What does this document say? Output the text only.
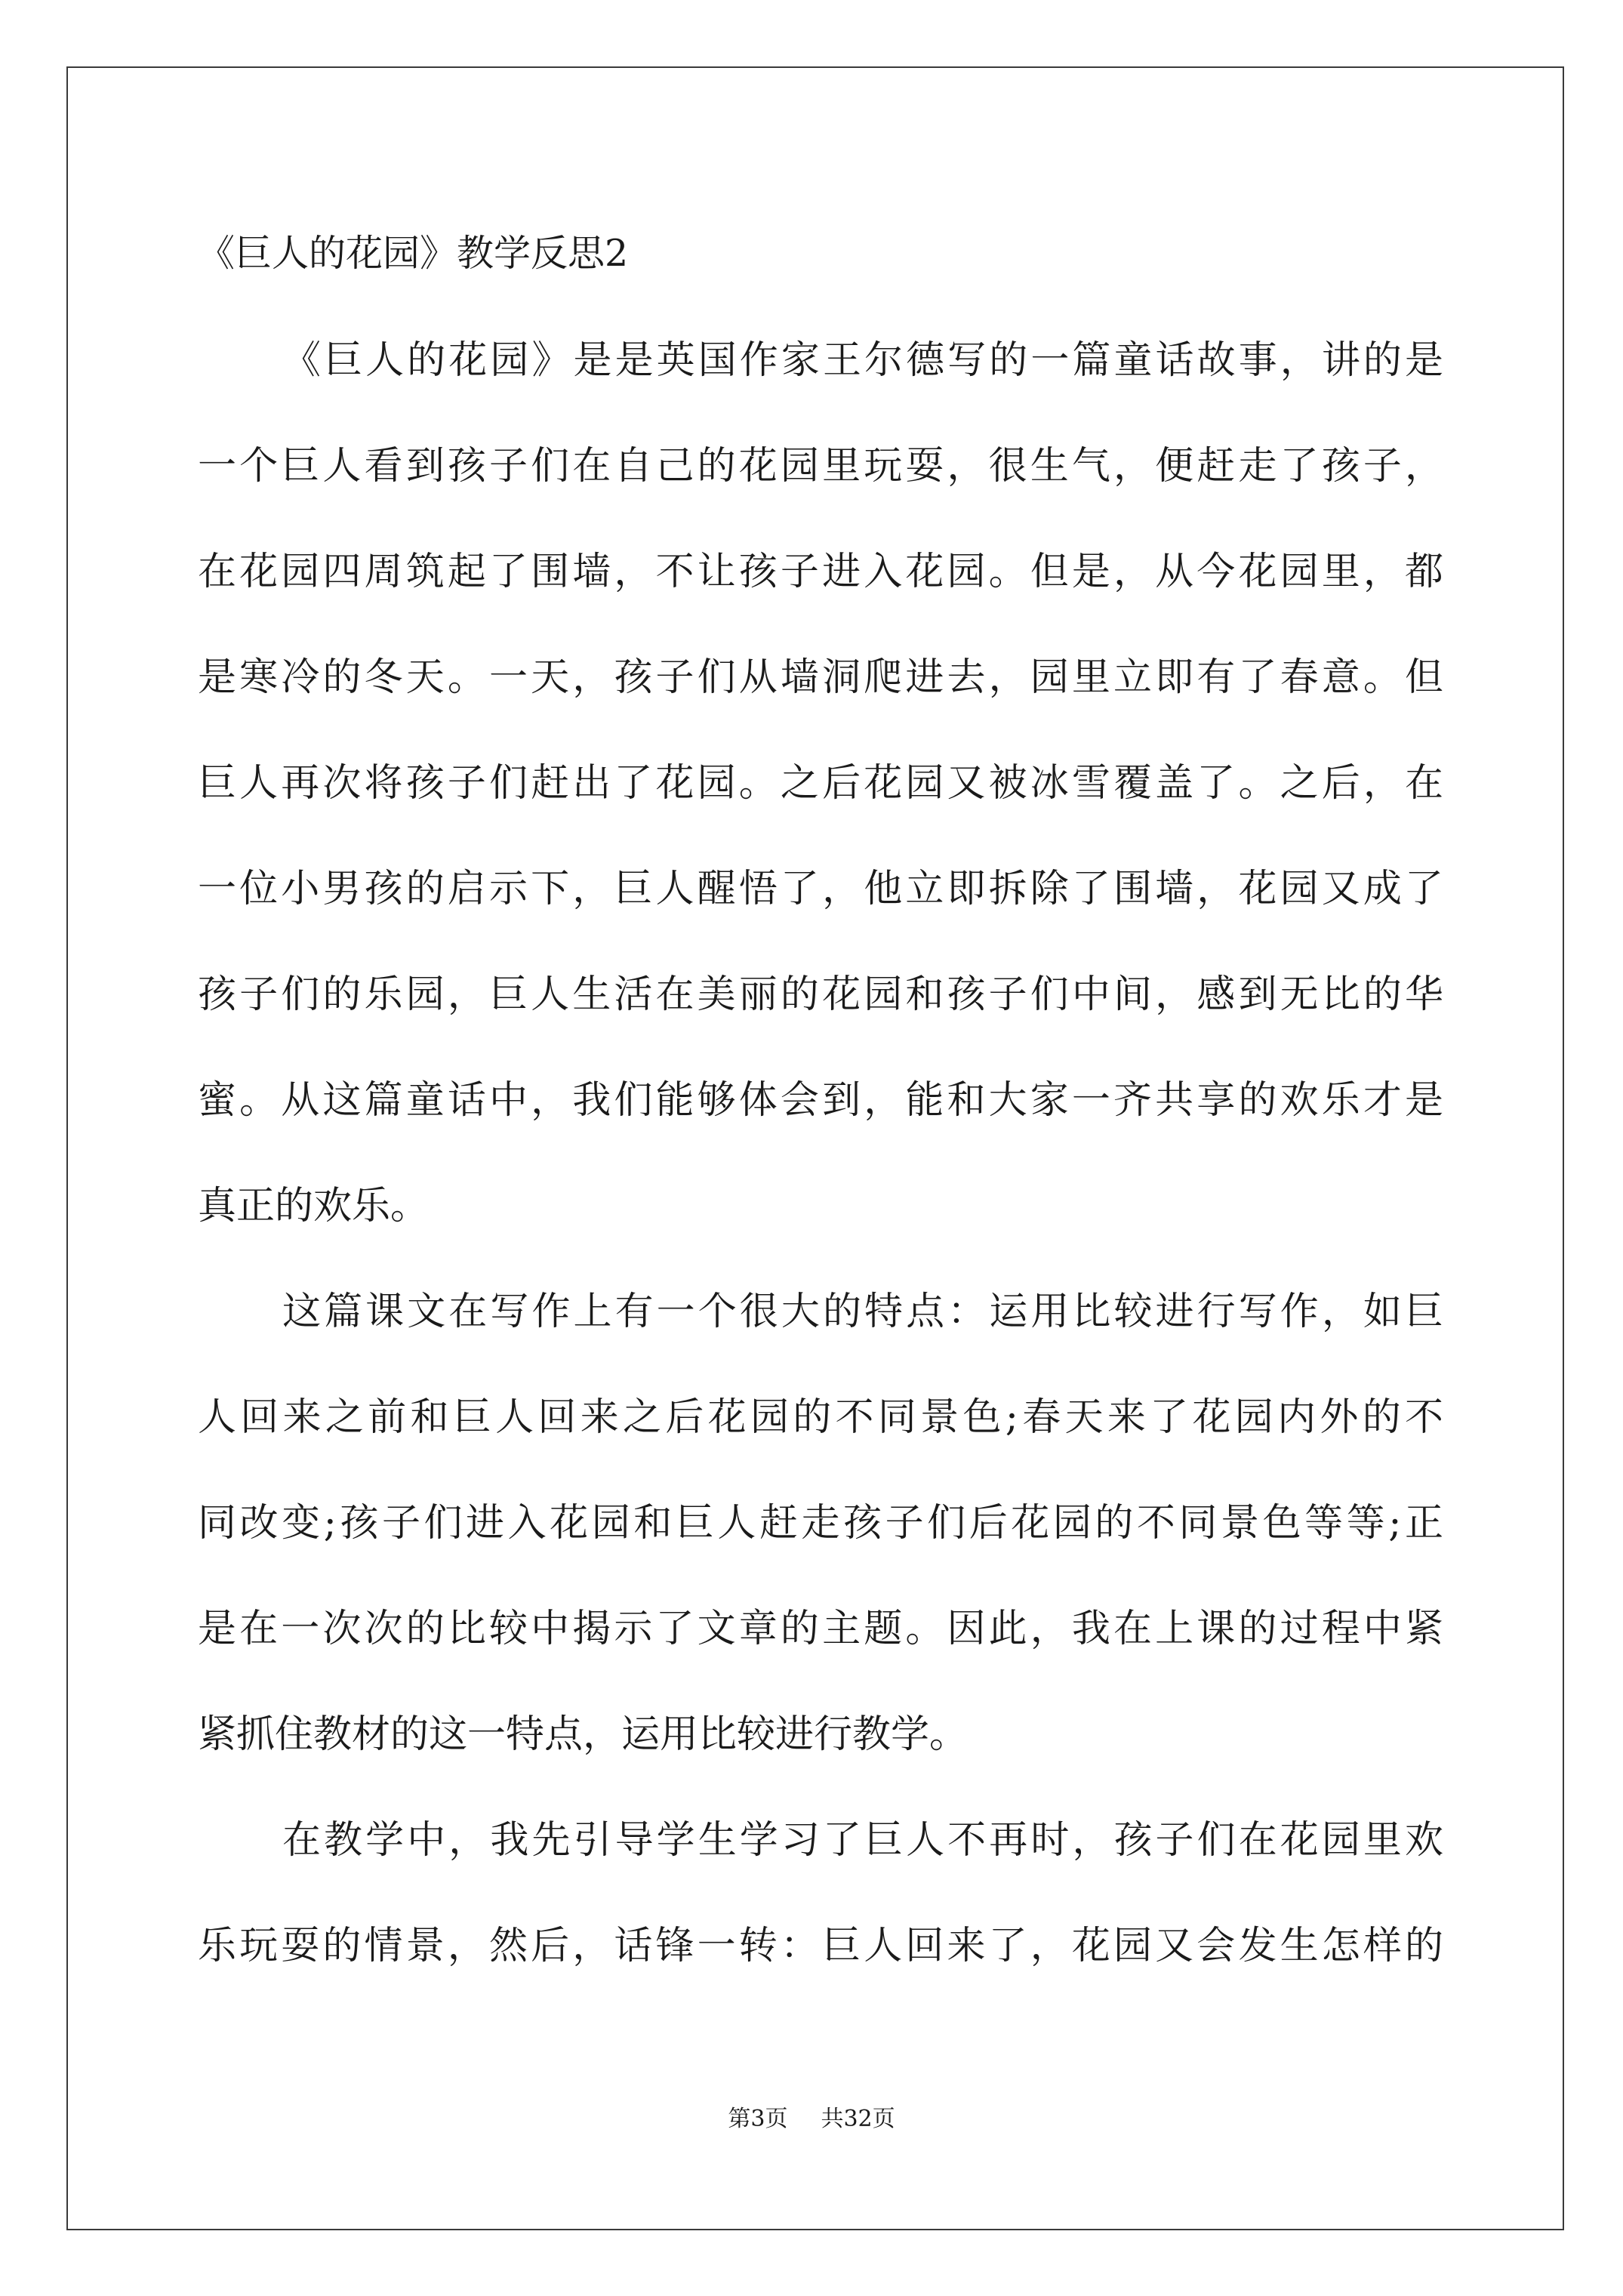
《巨人的花园》教学反思2

《巨人的花园》是是英国作家王尔德写的一篇童话故事，讲的是

一个巨人看到孩子们在自己的花园里玩耍，很生气，便赶走了孩子，

在花园四周筑起了围墙，不让孩子进入花园。但是，从今花园里，都

是寒冷的冬天。一天，孩子们从墙洞爬进去，园里立即有了春意。但

巨人再次将孩子们赶出了花园。之后花园又被冰雪覆盖了。之后，在

一位小男孩的启示下，巨人醒悟了，他立即拆除了围墙，花园又成了

孩子们的乐园，巨人生活在美丽的花园和孩子们中间，感到无比的华

蜜。从这篇童话中，我们能够体会到，能和大家一齐共享的欢乐才是

真正的欢乐。

这篇课文在写作上有一个很大的特点：运用比较进行写作，如巨

人回来之前和巨人回来之后花园的不同景色;春天来了花园内外的不

同改变;孩子们进入花园和巨人赶走孩子们后花园的不同景色等等;正

是在一次次的比较中揭示了文章的主题。因此，我在上课的过程中紧

紧抓住教材的这一特点，运用比较进行教学。

在教学中，我先引导学生学习了巨人不再时，孩子们在花园里欢

乐玩耍的情景，然后，话锋一转：巨人回来了，花园又会发生怎样的

第3页 共32页
